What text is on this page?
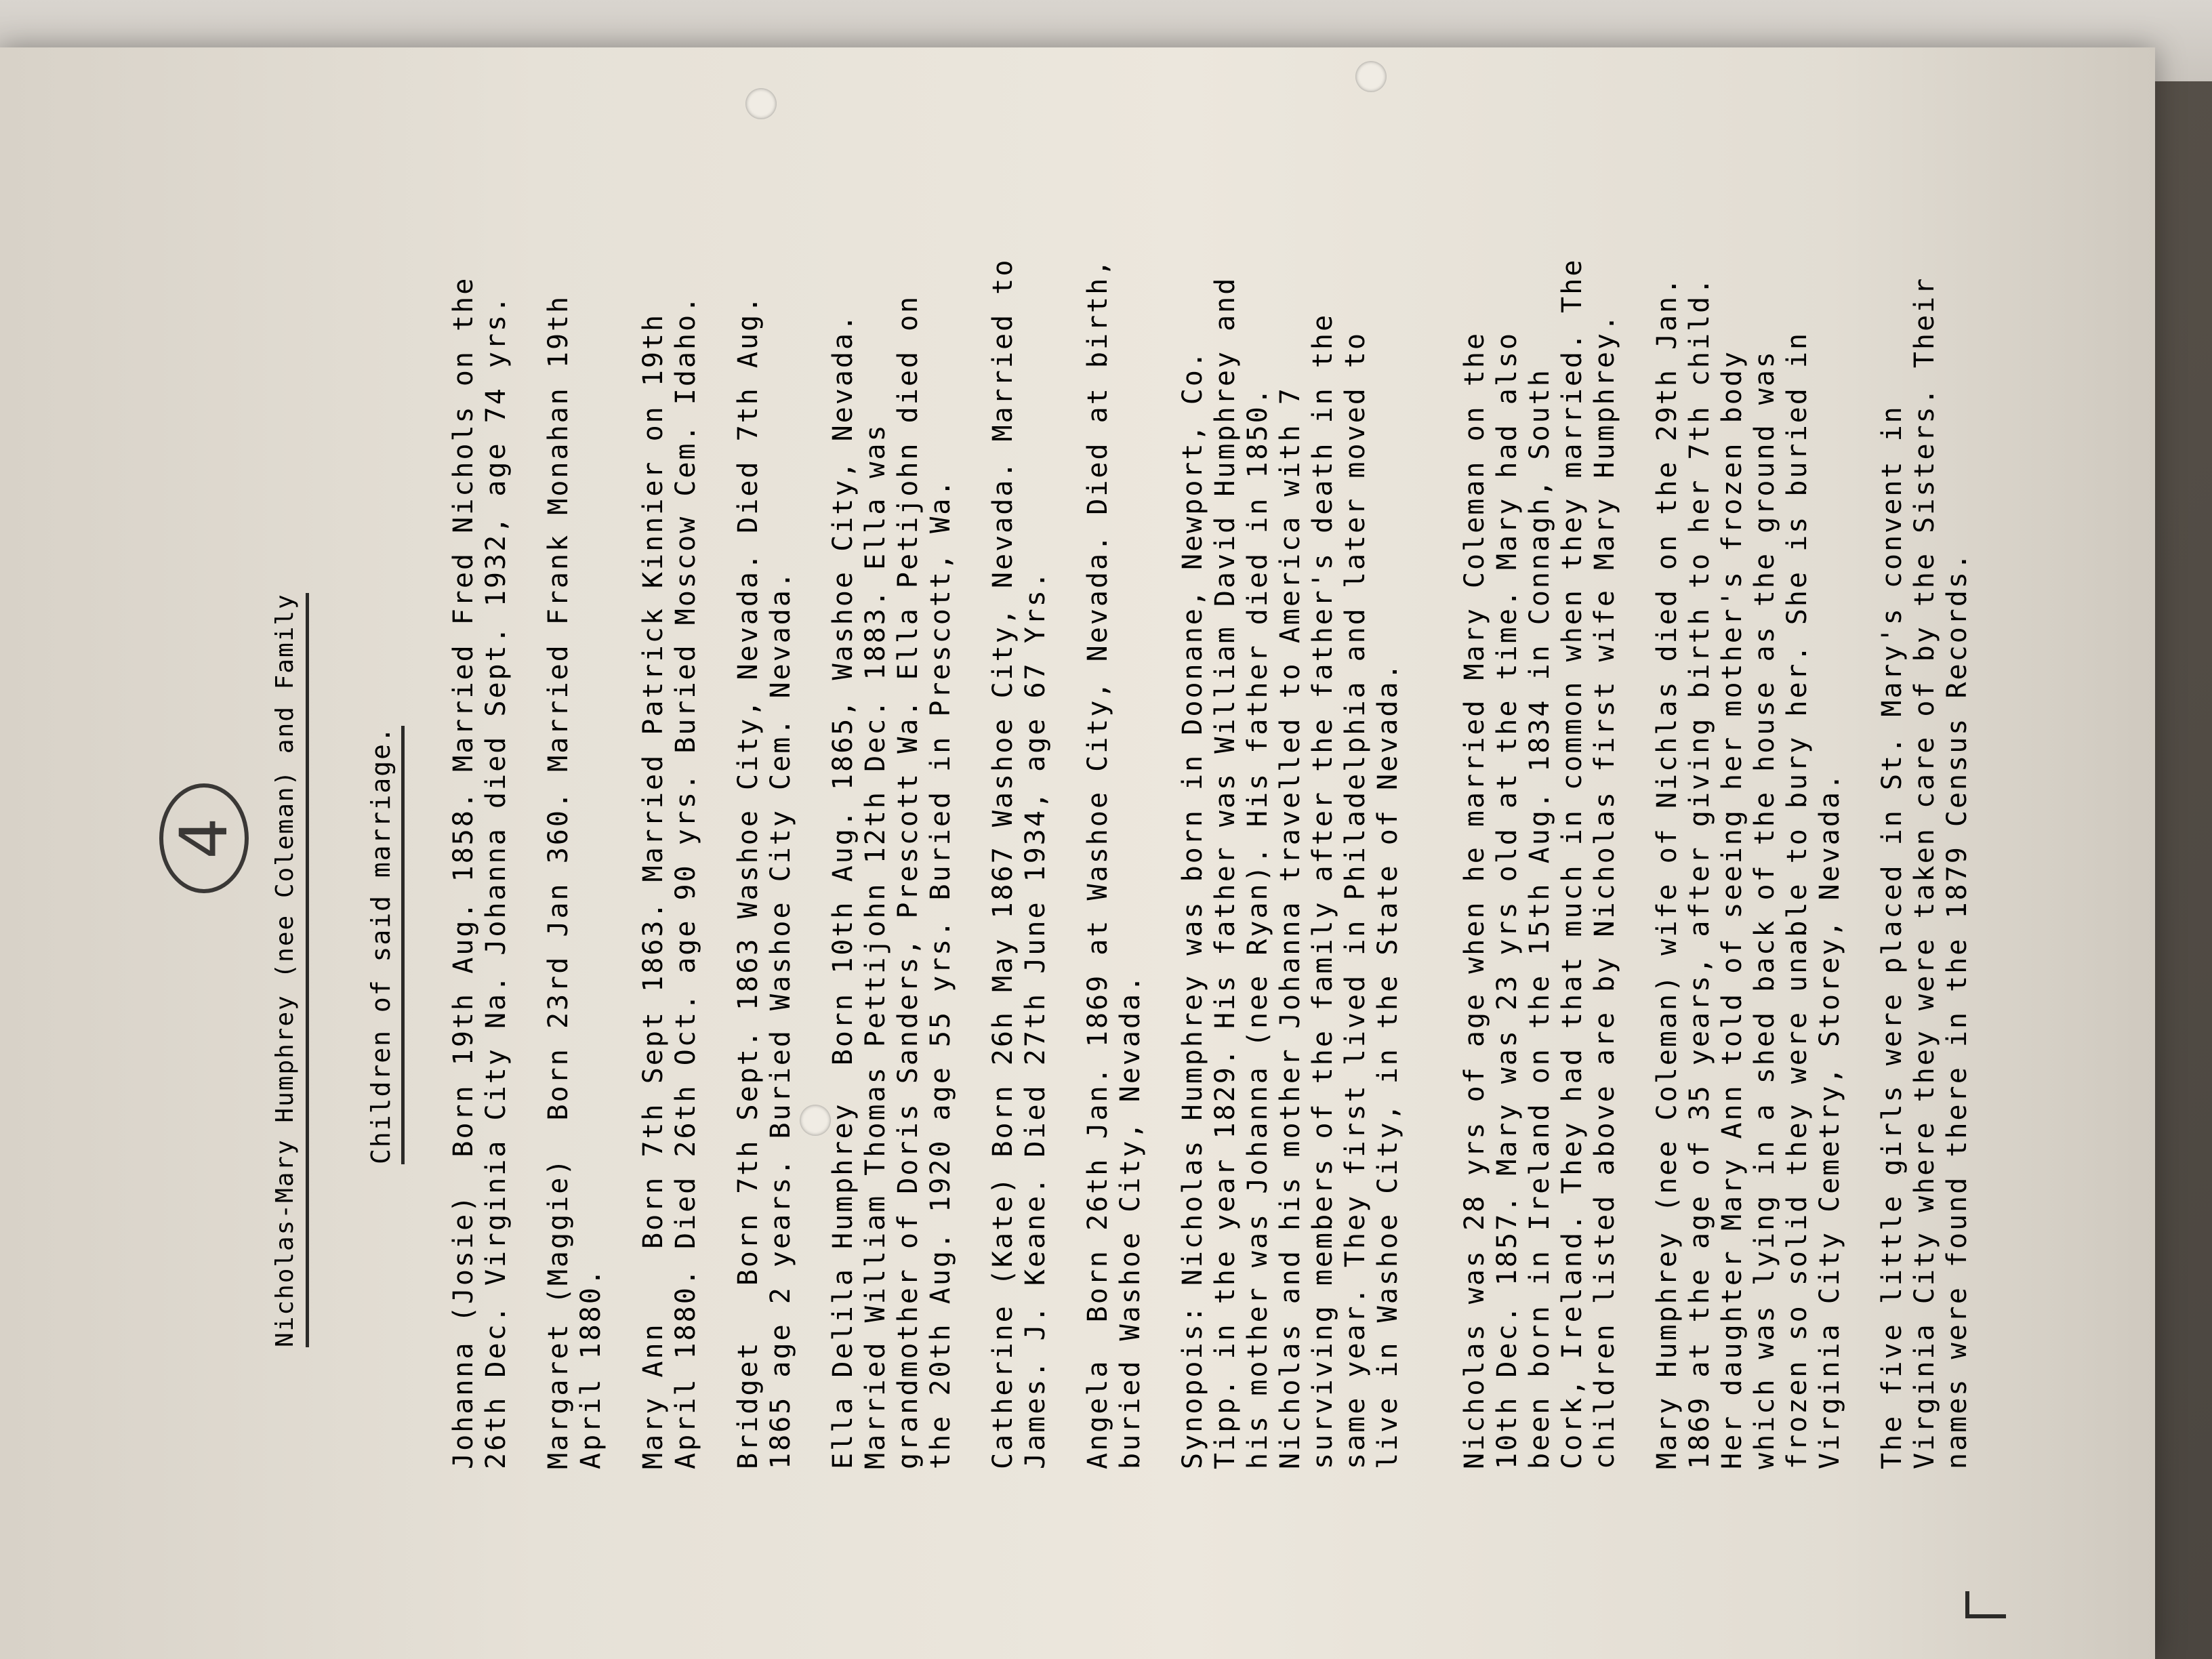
4 Nicholas-Mary Humphrey (nee Coleman) and Family	Children of said marriage.

Johanna (Josie)  Born 19th Aug. 1858. Married Fred Nichols on the
26th Dec. Virginia City Na. Johanna died Sept. 1932, age 74 yrs.

Margaret (Maggie)  Born 23rd Jan 360. Married Frank Monahan 19th
April 1880.

Mary Ann    Born 7th Sept 1863. Married Patrick Kinnier on 19th
April 1880. Died 26th Oct. age 90 yrs. Buried Moscow Cem. Idaho.

Bridget   Born 7th Sept. 1863 Washoe City, Nevada. Died 7th Aug.
1865 age 2 years. Buried Washoe City Cem. Nevada.

Ella Delila Humphrey  Born 10th Aug. 1865, Washoe City, Nevada.
Married William Thomas Pettijohn 12th Dec. 1883. Ella was
grandmother of Doris Sanders, Prescott Wa. Ella Petijohn died on
the 20th Aug. 1920 age 55 yrs. Buried in Prescott, Wa.

Catherine (Kate) Born 26h May 1867 Washoe City, Nevada. Married to
James. J. Keane. Died 27th June 1934, age 67 Yrs.

Angela  Born 26th Jan. 1869 at Washoe City, Nevada. Died at birth,
buried Washoe City, Nevada.

Synopois: Nicholas Humphrey was born in Doonane, Newport, Co.
Tipp. in the year 1829. His father was William David Humphrey and
his mother was Johanna (nee Ryan). His father died in 1850.
Nicholas and his mother Johanna travelled to America with 7
surviving members of the family after the father's death in the
same year. They first lived in Philadelphia and later moved to
live in Washoe City, in the State of Nevada.

Nicholas was 28 yrs of age when he married Mary Coleman on the
10th Dec. 1857. Mary was 23 yrs old at the time. Mary had also
been born in Ireland on the 15th Aug. 1834 in Connagh, South
Cork, Ireland. They had that much in common when they married. The
children listed above are by Nicholas first wife Mary Humphrey.

Mary Humphrey (nee Coleman) wife of Nichlas died on the 29th Jan.
1869 at the age of 35 years, after giving birth to her 7th child.
Her daughter Mary Ann told of seeing her mother's frozen body
which was lying in a shed back of the house as the ground was
frozen so solid they were unable to bury her. She is buried in
Virginia City Cemetry, Storey, Nevada.

The five little girls were placed in St. Mary's convent in
Virginia City where they were taken care of by the Sisters. Their
names were found there in the 1879 Census Records.
